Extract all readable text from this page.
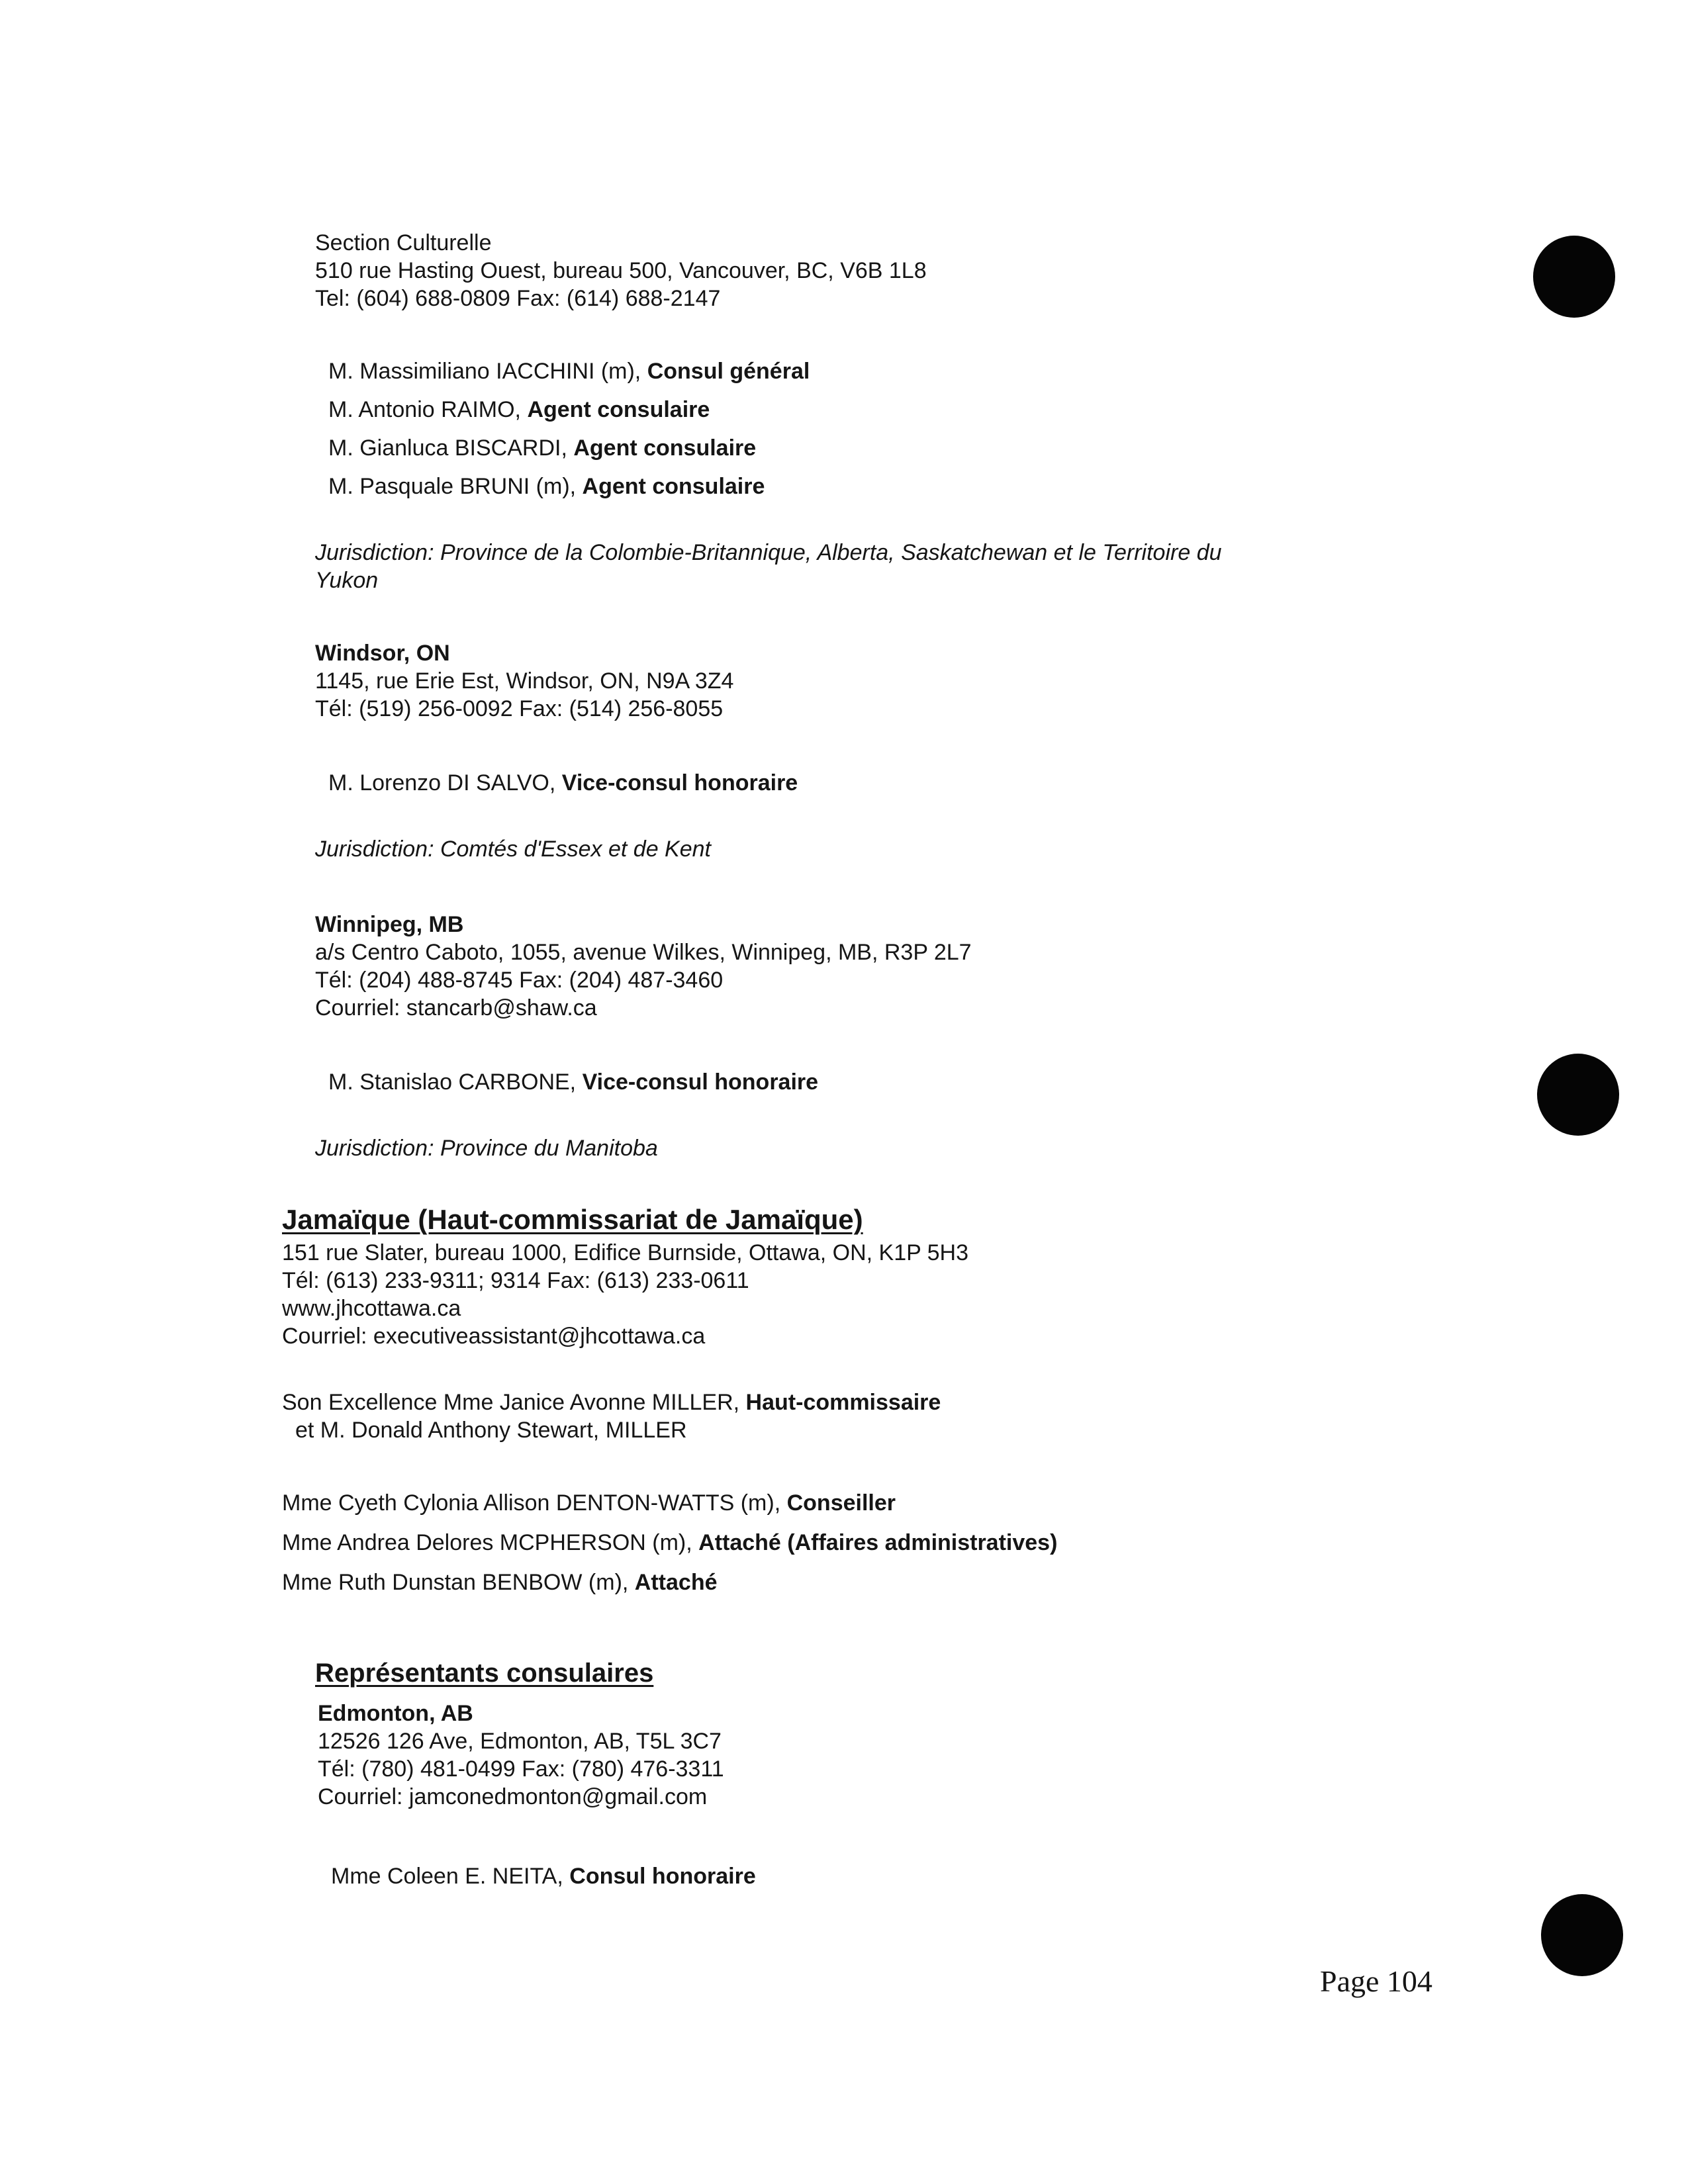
Section Culturelle
510 rue Hasting Ouest, bureau 500, Vancouver, BC, V6B 1L8
Tel: (604) 688-0809 Fax: (614) 688-2147
M. Massimiliano IACCHINI (m), Consul général
M. Antonio RAIMO, Agent consulaire
M. Gianluca BISCARDI, Agent consulaire
M. Pasquale BRUNI (m), Agent consulaire
Jurisdiction: Province de la Colombie-Britannique, Alberta, Saskatchewan et le Territoire du
Yukon
Windsor, ON
1145, rue Erie Est, Windsor, ON, N9A 3Z4
Tél: (519) 256-0092 Fax: (514) 256-8055
M. Lorenzo DI SALVO, Vice-consul honoraire
Jurisdiction: Comtés d'Essex et de Kent
Winnipeg, MB
a/s Centro Caboto, 1055, avenue Wilkes, Winnipeg, MB, R3P 2L7
Tél: (204) 488-8745 Fax: (204) 487-3460
Courriel: stancarb@shaw.ca
M. Stanislao CARBONE, Vice-consul honoraire
Jurisdiction: Province du Manitoba
Jamaïque (Haut-commissariat de Jamaïque)
151 rue Slater, bureau 1000, Edifice Burnside, Ottawa, ON, K1P 5H3
Tél: (613) 233-9311; 9314 Fax: (613) 233-0611
www.jhcottawa.ca
Courriel: executiveassistant@jhcottawa.ca
Son Excellence Mme Janice Avonne MILLER, Haut-commissaire
et M. Donald Anthony Stewart, MILLER
Mme Cyeth Cylonia Allison DENTON-WATTS (m), Conseiller
Mme Andrea Delores MCPHERSON (m), Attaché (Affaires administratives)
Mme Ruth Dunstan BENBOW (m), Attaché
Représentants consulaires
Edmonton, AB
12526 126 Ave, Edmonton, AB, T5L 3C7
Tél: (780) 481-0499 Fax: (780) 476-3311
Courriel: jamconedmonton@gmail.com
Mme Coleen E. NEITA, Consul honoraire
Page 104
